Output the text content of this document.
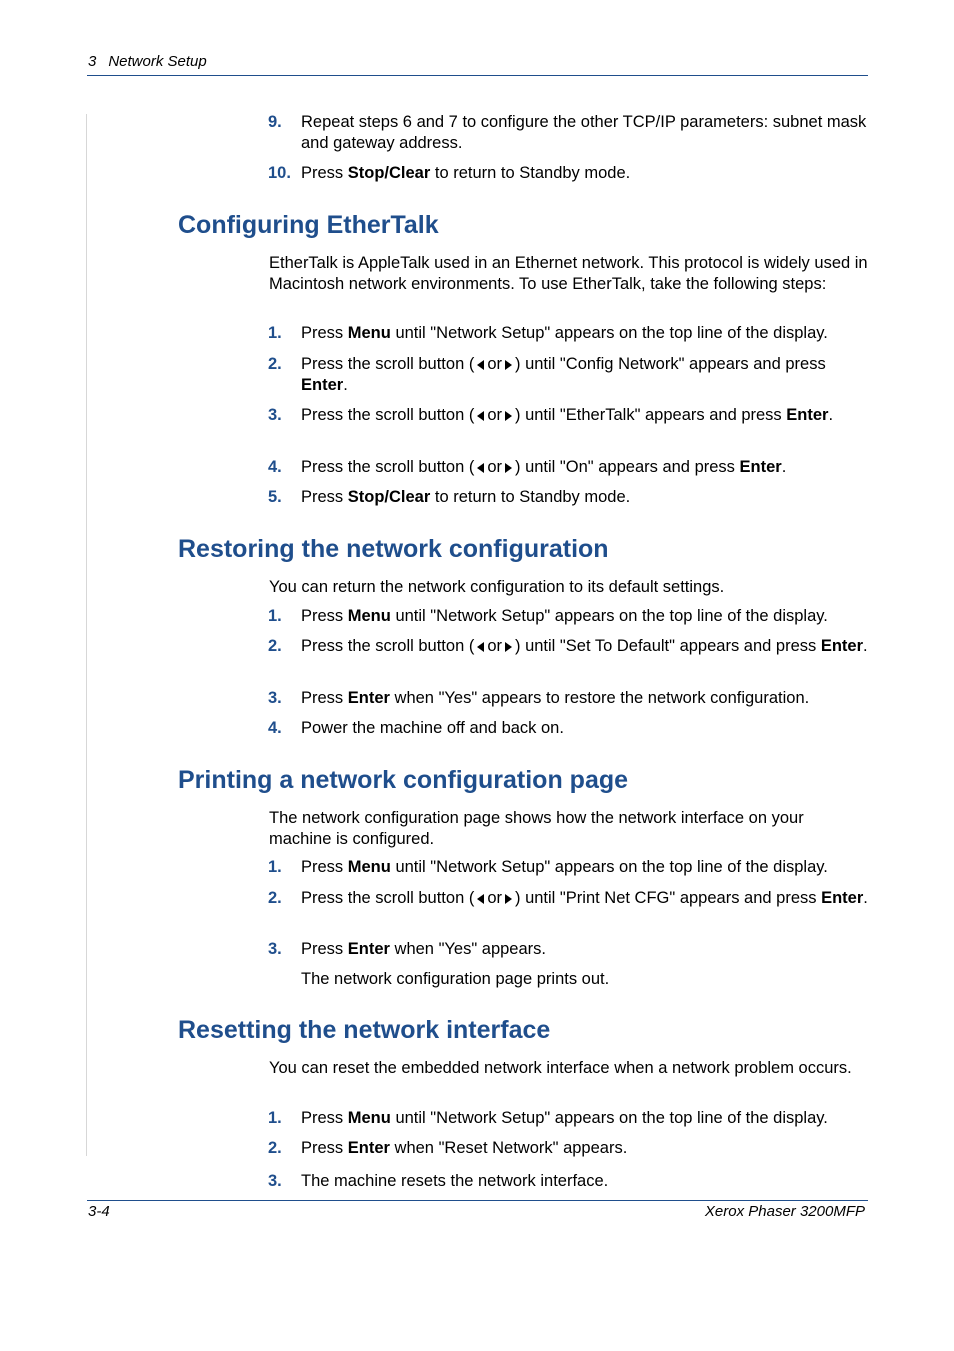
3 Network Setup
9. Repeat steps 6 and 7 to configure the other TCP/IP parameters: subnet mask and gateway address.
10. Press Stop/Clear to return to Standby mode.
Configuring EtherTalk
EtherTalk is AppleTalk used in an Ethernet network. This protocol is widely used in Macintosh network environments. To use EtherTalk, take the following steps:
1. Press Menu until "Network Setup" appears on the top line of the display.
2. Press the scroll button ( or ) until "Config Network" appears and press Enter.
3. Press the scroll button ( or ) until "EtherTalk" appears and press Enter.
4. Press the scroll button ( or ) until "On" appears and press Enter.
5. Press Stop/Clear to return to Standby mode.
Restoring the network configuration
You can return the network configuration to its default settings.
1. Press Menu until "Network Setup" appears on the top line of the display.
2. Press the scroll button ( or ) until "Set To Default" appears and press Enter.
3. Press Enter when "Yes" appears to restore the network configuration.
4. Power the machine off and back on.
Printing a network configuration page
The network configuration page shows how the network interface on your machine is configured.
1. Press Menu until "Network Setup" appears on the top line of the display.
2. Press the scroll button ( or ) until "Print Net CFG" appears and press Enter.
3. Press Enter when "Yes" appears.
The network configuration page prints out.
Resetting the network interface
You can reset the embedded network interface when a network problem occurs.
1. Press Menu until "Network Setup" appears on the top line of the display.
2. Press Enter when "Reset Network" appears.
3. The machine resets the network interface.
3-4	Xerox Phaser 3200MFP
